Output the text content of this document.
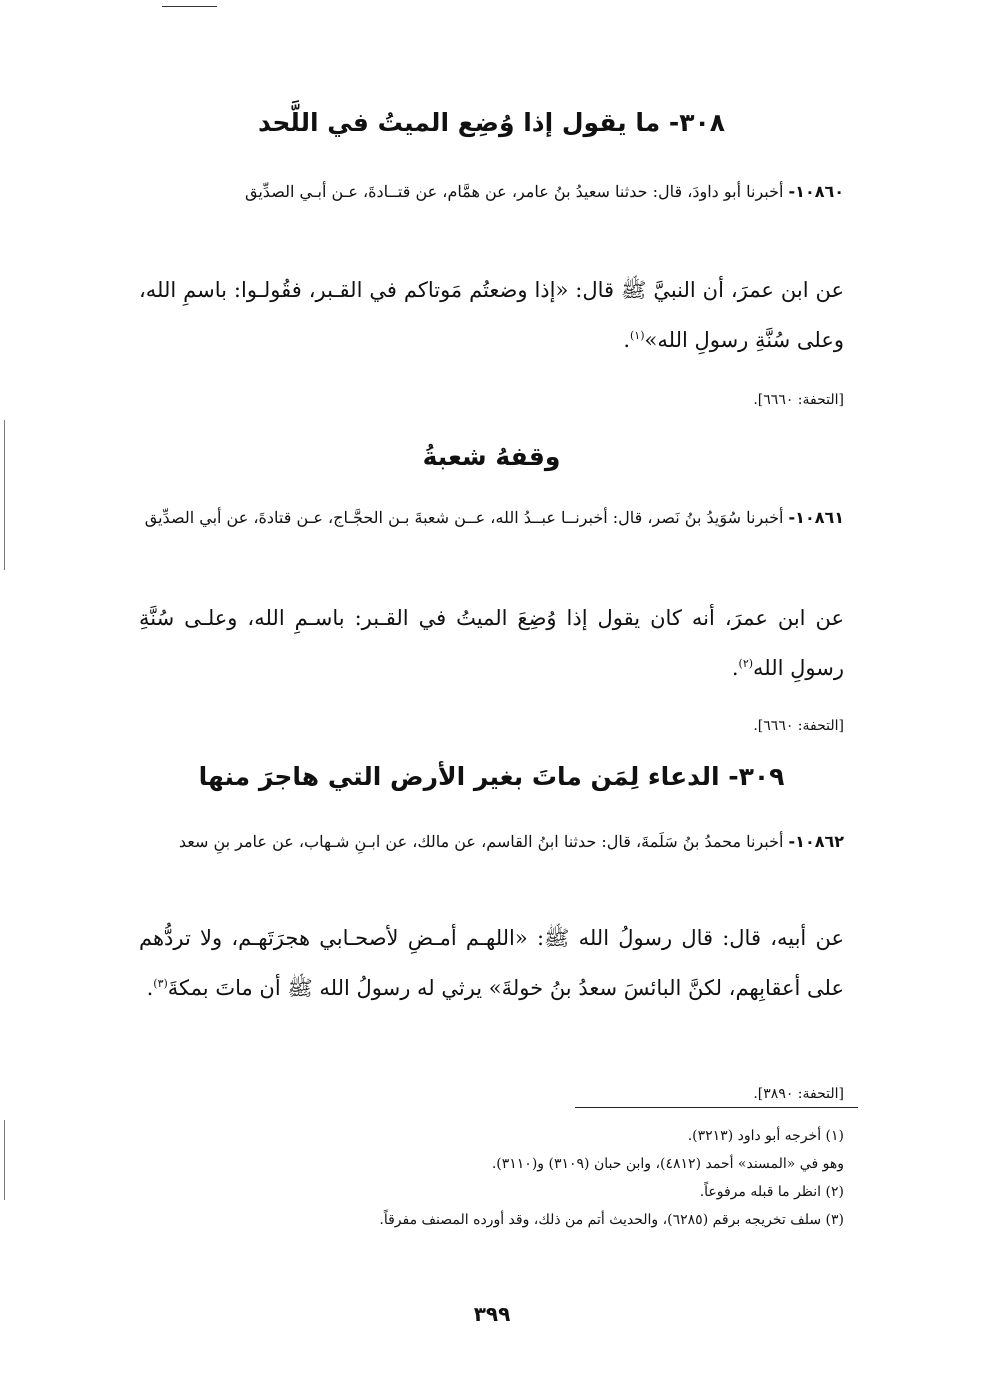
٣٠٨- ما يقول إذا وُضِع الميتُ في اللَّحد

١٠٨٦٠- أخبرنا أبو داودَ، قال: حدثنا سعيدُ بنُ عامر، عن همَّام، عن قتــادةَ، عـن أبـي الصدِّيق

عن ابن عمرَ، أن النبيَّ ﷺ قال: «إذا وضعتُم مَوتاكم في القـبر، فقُولـوا: باسمِ الله، وعلى سُنَّةِ رسولِ الله»$^{(١)}$.

[التحفة: ٦٦٦٠].

وقفهُ شعبةُ

١٠٨٦١- أخبرنا سُوَيدُ بنُ نَصر، قال: أخبرنــا عبــدُ الله، عــن شعبةَ بـن الحجَّـاج، عـن قتادةَ، عن أبي الصدِّيق

عن ابن عمرَ، أنه كان يقول إذا وُضِعَ الميتُ في القـبر: باسـمِ الله، وعلـى سُنَّةِ رسولِ الله$^{(٢)}$.

[التحفة: ٦٦٦٠].

٣٠٩- الدعاء لِمَن ماتَ بغير الأرض التي هاجرَ منها

١٠٨٦٢- أخبرنا محمدُ بنُ سَلَمةَ، قال: حدثنا ابنُ القاسم، عن مالك، عن ابـنِ شـهاب، عن عامر بنِ سعد

عن أبيه، قال: قال رسولُ الله ﷺ: «اللهـم أمـضِ لأصحـابي هجرَتَهـم، ولا تردُّهم على أعقابِهم، لكنَّ البائسَ سعدُ بنُ خولةَ» يرثي له رسولُ الله ﷺ أن ماتَ بمكةَ$^{(٣)}$.

[التحفة: ٣٨٩٠].

(١) أخرجه أبو داود (٣٢١٣).
وهو في «المسند» أحمد (٤٨١٢)، وابن حبان (٣١٠٩) و(٣١١٠).
(٢) انظر ما قبله مرفوعاً.
(٣) سلف تخريجه برقم (٦٢٨٥)، والحديث أتم من ذلك، وقد أورده المصنف مفرقاً.
٣٩٩
